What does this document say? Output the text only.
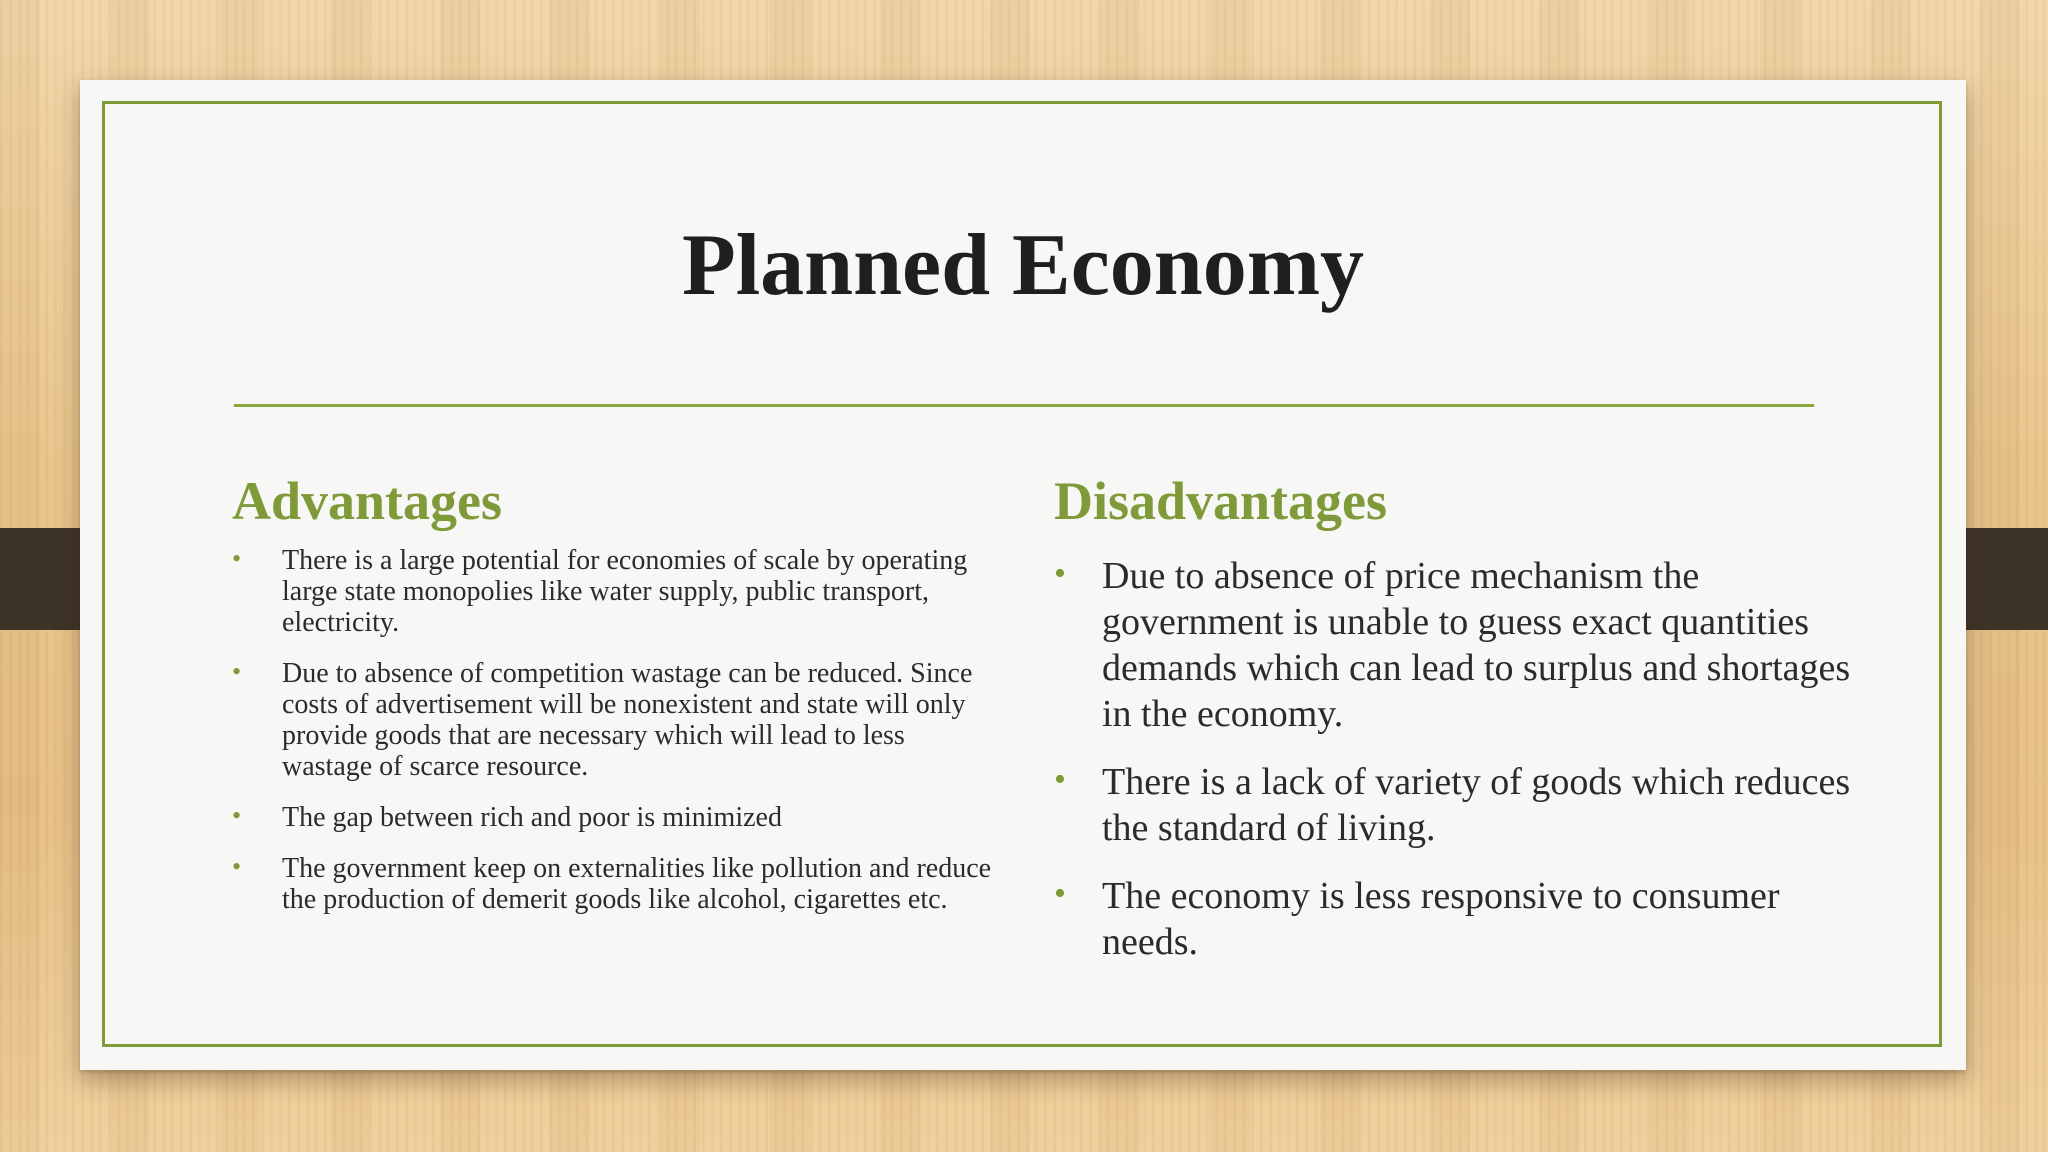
Planned Economy
Advantages
• There is a large potential for economies of scale by operating large state monopolies like water supply, public transport, electricity.
• Due to absence of competition wastage can be reduced. Since costs of advertisement will be nonexistent and state will only provide goods that are necessary which will lead to less wastage of scarce resource.
• The gap between rich and poor is minimized
• The government keep on externalities like pollution and reduce the production of demerit goods like alcohol, cigarettes etc.
Disadvantages
• Due to absence of price mechanism the government is unable to guess exact quantities demands which can lead to surplus and shortages in the economy.
• There is a lack of variety of goods which reduces the standard of living.
• The economy is less responsive to consumer needs.
